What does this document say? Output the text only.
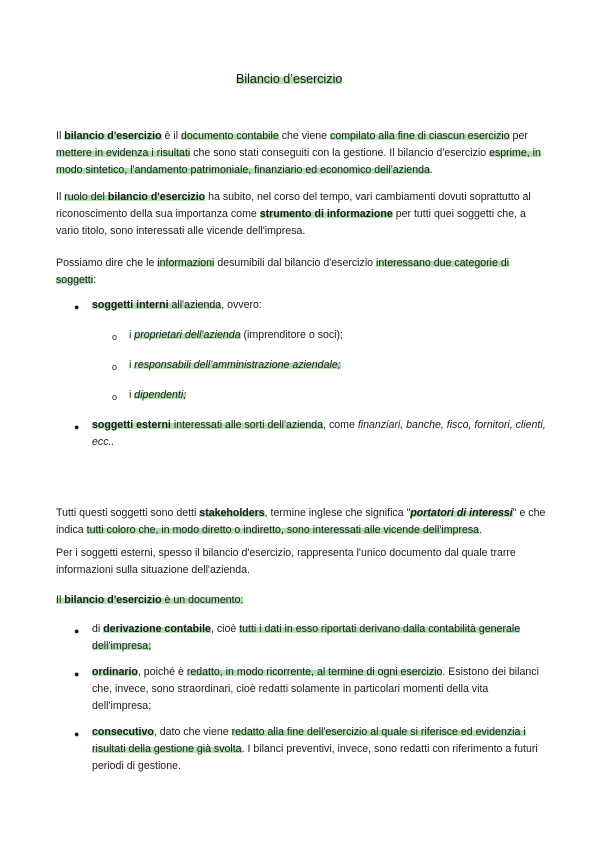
Bilancio d’esercizio
Il bilancio d'esercizio è il documento contabile che viene compilato alla fine di ciascun esercizio per mettere in evidenza i risultati che sono stati conseguiti con la gestione. Il bilancio d'esercizio esprime, in modo sintetico, l'andamento patrimoniale, finanziario ed economico dell'azienda.
Il ruolo del bilancio d'esercizio ha subito, nel corso del tempo, vari cambiamenti dovuti soprattutto al riconoscimento della sua importanza come strumento di informazione per tutti quei soggetti che, a vario titolo, sono interessati alle vicende dell'impresa.
Possiamo dire che le informazioni desumibili dal bilancio d'esercizio interessano due categorie di soggetti:
● soggetti interni all'azienda, ovvero:
o i proprietari dell'azienda (imprenditore o soci);
o i responsabili dell'amministrazione aziendale;
o i dipendenti;
● soggetti esterni interessati alle sorti dell'azienda, come finanziari, banche, fisco, fornitori, clienti, ecc..
Tutti questi soggetti sono detti stakeholders, termine inglese che significa "portatori di interessi" e che indica tutti coloro che, in modo diretto o indiretto, sono interessati alle vicende dell'impresa.
Per i soggetti esterni, spesso il bilancio d'esercizio, rappresenta l'unico documento dal quale trarre informazioni sulla situazione dell'azienda.
Il bilancio d'esercizio è un documento:
● di derivazione contabile, cioè tutti i dati in esso riportati derivano dalla contabilità generale dell'impresa;
● ordinario, poiché è redatto, in modo ricorrente, al termine di ogni esercizio. Esistono dei bilanci che, invece, sono straordinari, cioè redatti solamente in particolari momenti della vita dell'impresa;
● consecutivo, dato che viene redatto alla fine dell'esercizio al quale si riferisce ed evidenzia i risultati della gestione già svolta. I bilanci preventivi, invece, sono redatti con riferimento a futuri periodi di gestione.
